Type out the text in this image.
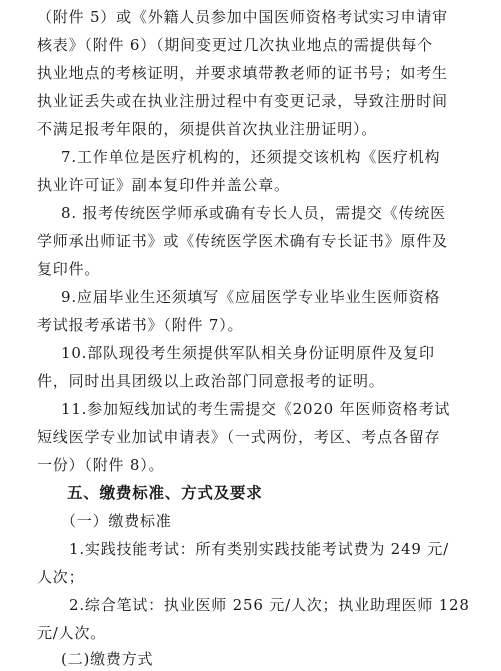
（附件 5）或《外籍人员参加中国医师资格考试实习申请审
核表》（附件 6）（期间变更过几次执业地点的需提供每个
执业地点的考核证明，并要求填带教老师的证书号；如考生
执业证丢失或在执业注册过程中有变更记录，导致注册时间
不满足报考年限的，须提供首次执业注册证明）。
7.工作单位是医疗机构的，还须提交该机构《医疗机构
执业许可证》副本复印件并盖公章。
8. 报考传统医学师承或确有专长人员，需提交《传统医
学师承出师证书》或《传统医学医术确有专长证书》原件及
复印件。
9.应届毕业生还须填写《应届医学专业毕业生医师资格
考试报考承诺书》（附件 7）。
10.部队现役考生须提供军队相关身份证明原件及复印
件，同时出具团级以上政治部门同意报考的证明。
11.参加短线加试的考生需提交《2020 年医师资格考试
短线医学专业加试申请表》（一式两份，考区、考点各留存
一份）（附件 8）。
五、缴费标准、方式及要求
（一）缴费标准
1.实践技能考试：所有类别实践技能考试费为 249 元/
人次；
2.综合笔试：执业医师 256 元/人次；执业助理医师 128
元/人次。
(二)缴费方式
